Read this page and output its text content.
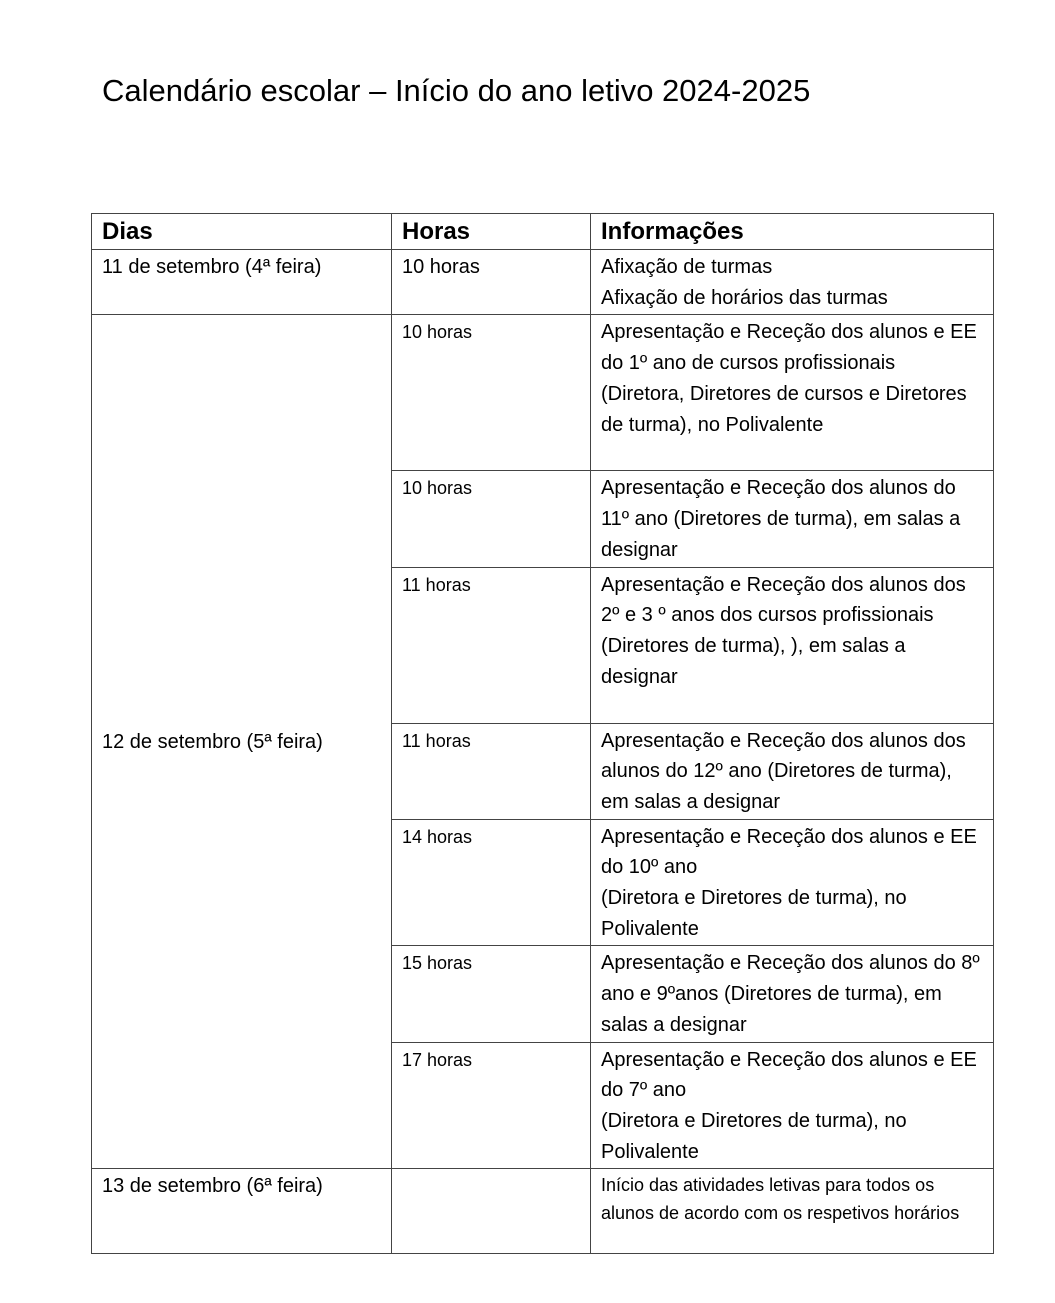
Calendário escolar – Início do ano letivo 2024-2025
Dias	Horas	Informações
11 de setembro (4ª feira)	10 horas	Afixação de turmas
Afixação de horários das turmas

12 de setembro (5ª feira)	10 horas	Apresentação e Receção dos alunos e EE do 1º ano de cursos profissionais
(Diretora, Diretores de cursos e Diretores de turma), no Polivalente

	10 horas	Apresentação e Receção dos alunos do 11º ano (Diretores de turma), em salas a designar

	11 horas	Apresentação e Receção dos alunos dos 2º e 3 º anos dos cursos profissionais
(Diretores de turma), ), em salas a designar

	11 horas	Apresentação e Receção dos alunos dos alunos do 12º ano (Diretores de turma), em salas a designar

	14 horas	Apresentação e Receção dos alunos e EE do 10º ano
(Diretora e Diretores de turma), no Polivalente

	15 horas	Apresentação e Receção dos alunos do 8º ano e 9ºanos (Diretores de turma), em salas a designar

	17 horas	Apresentação e Receção dos alunos e EE do 7º ano
(Diretora e Diretores de turma), no Polivalente

13 de setembro (6ª feira)		Início das atividades letivas para todos os alunos de acordo com os respetivos horários
